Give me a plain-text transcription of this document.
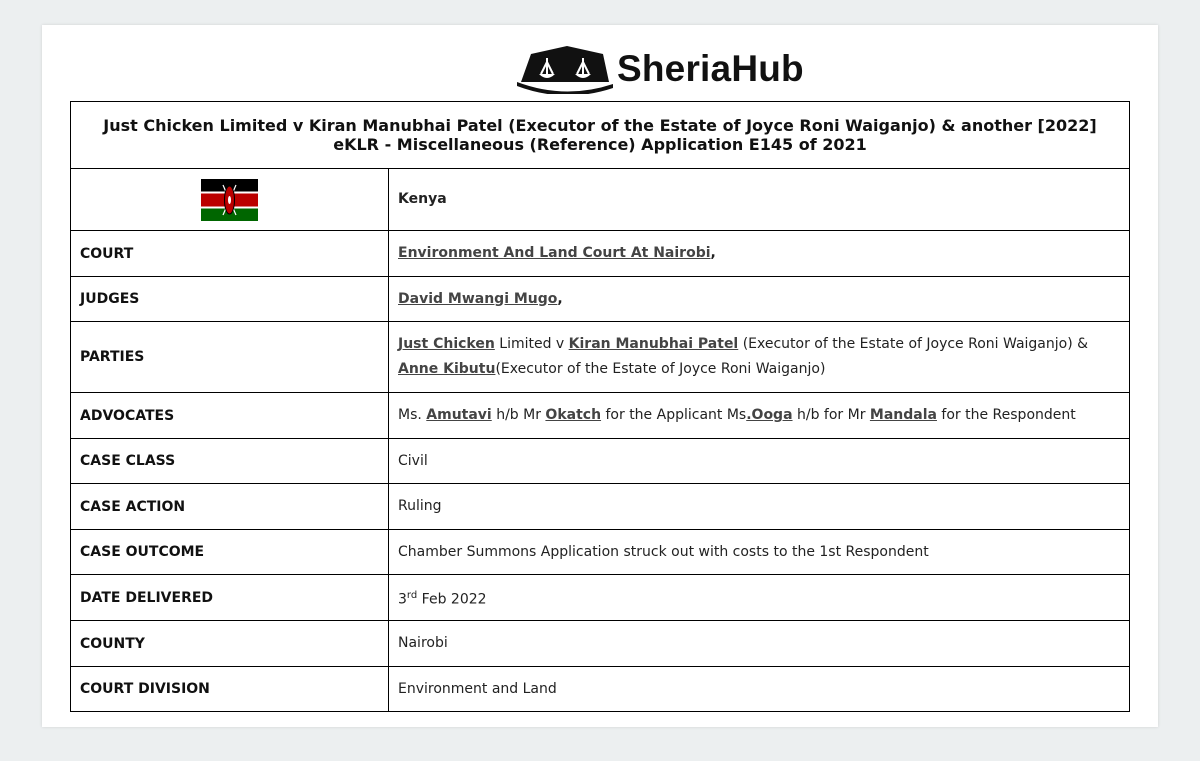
SheriaHub
Just Chicken Limited v Kiran Manubhai Patel (Executor of the Estate of Joyce Roni Waiganjo) & another [2022] eKLR - Miscellaneous (Reference) Application E145 of 2021	

	Kenya
COURT	Environment And Land Court At Nairobi,
JUDGES	David Mwangi Mugo,
PARTIES	Just Chicken Limited v Kiran Manubhai Patel (Executor of the Estate of Joyce Roni Waiganjo) & Anne Kibutu(Executor of the Estate of Joyce Roni Waiganjo)
ADVOCATES	Ms. Amutavi h/b Mr Okatch for the Applicant Ms.Ooga h/b for Mr Mandala for the Respondent
CASE CLASS	Civil
CASE ACTION	Ruling
CASE OUTCOME	Chamber Summons Application struck out with costs to the 1st Respondent
DATE DELIVERED	3rd Feb 2022
COUNTY	Nairobi
COURT DIVISION	Environment and Land
